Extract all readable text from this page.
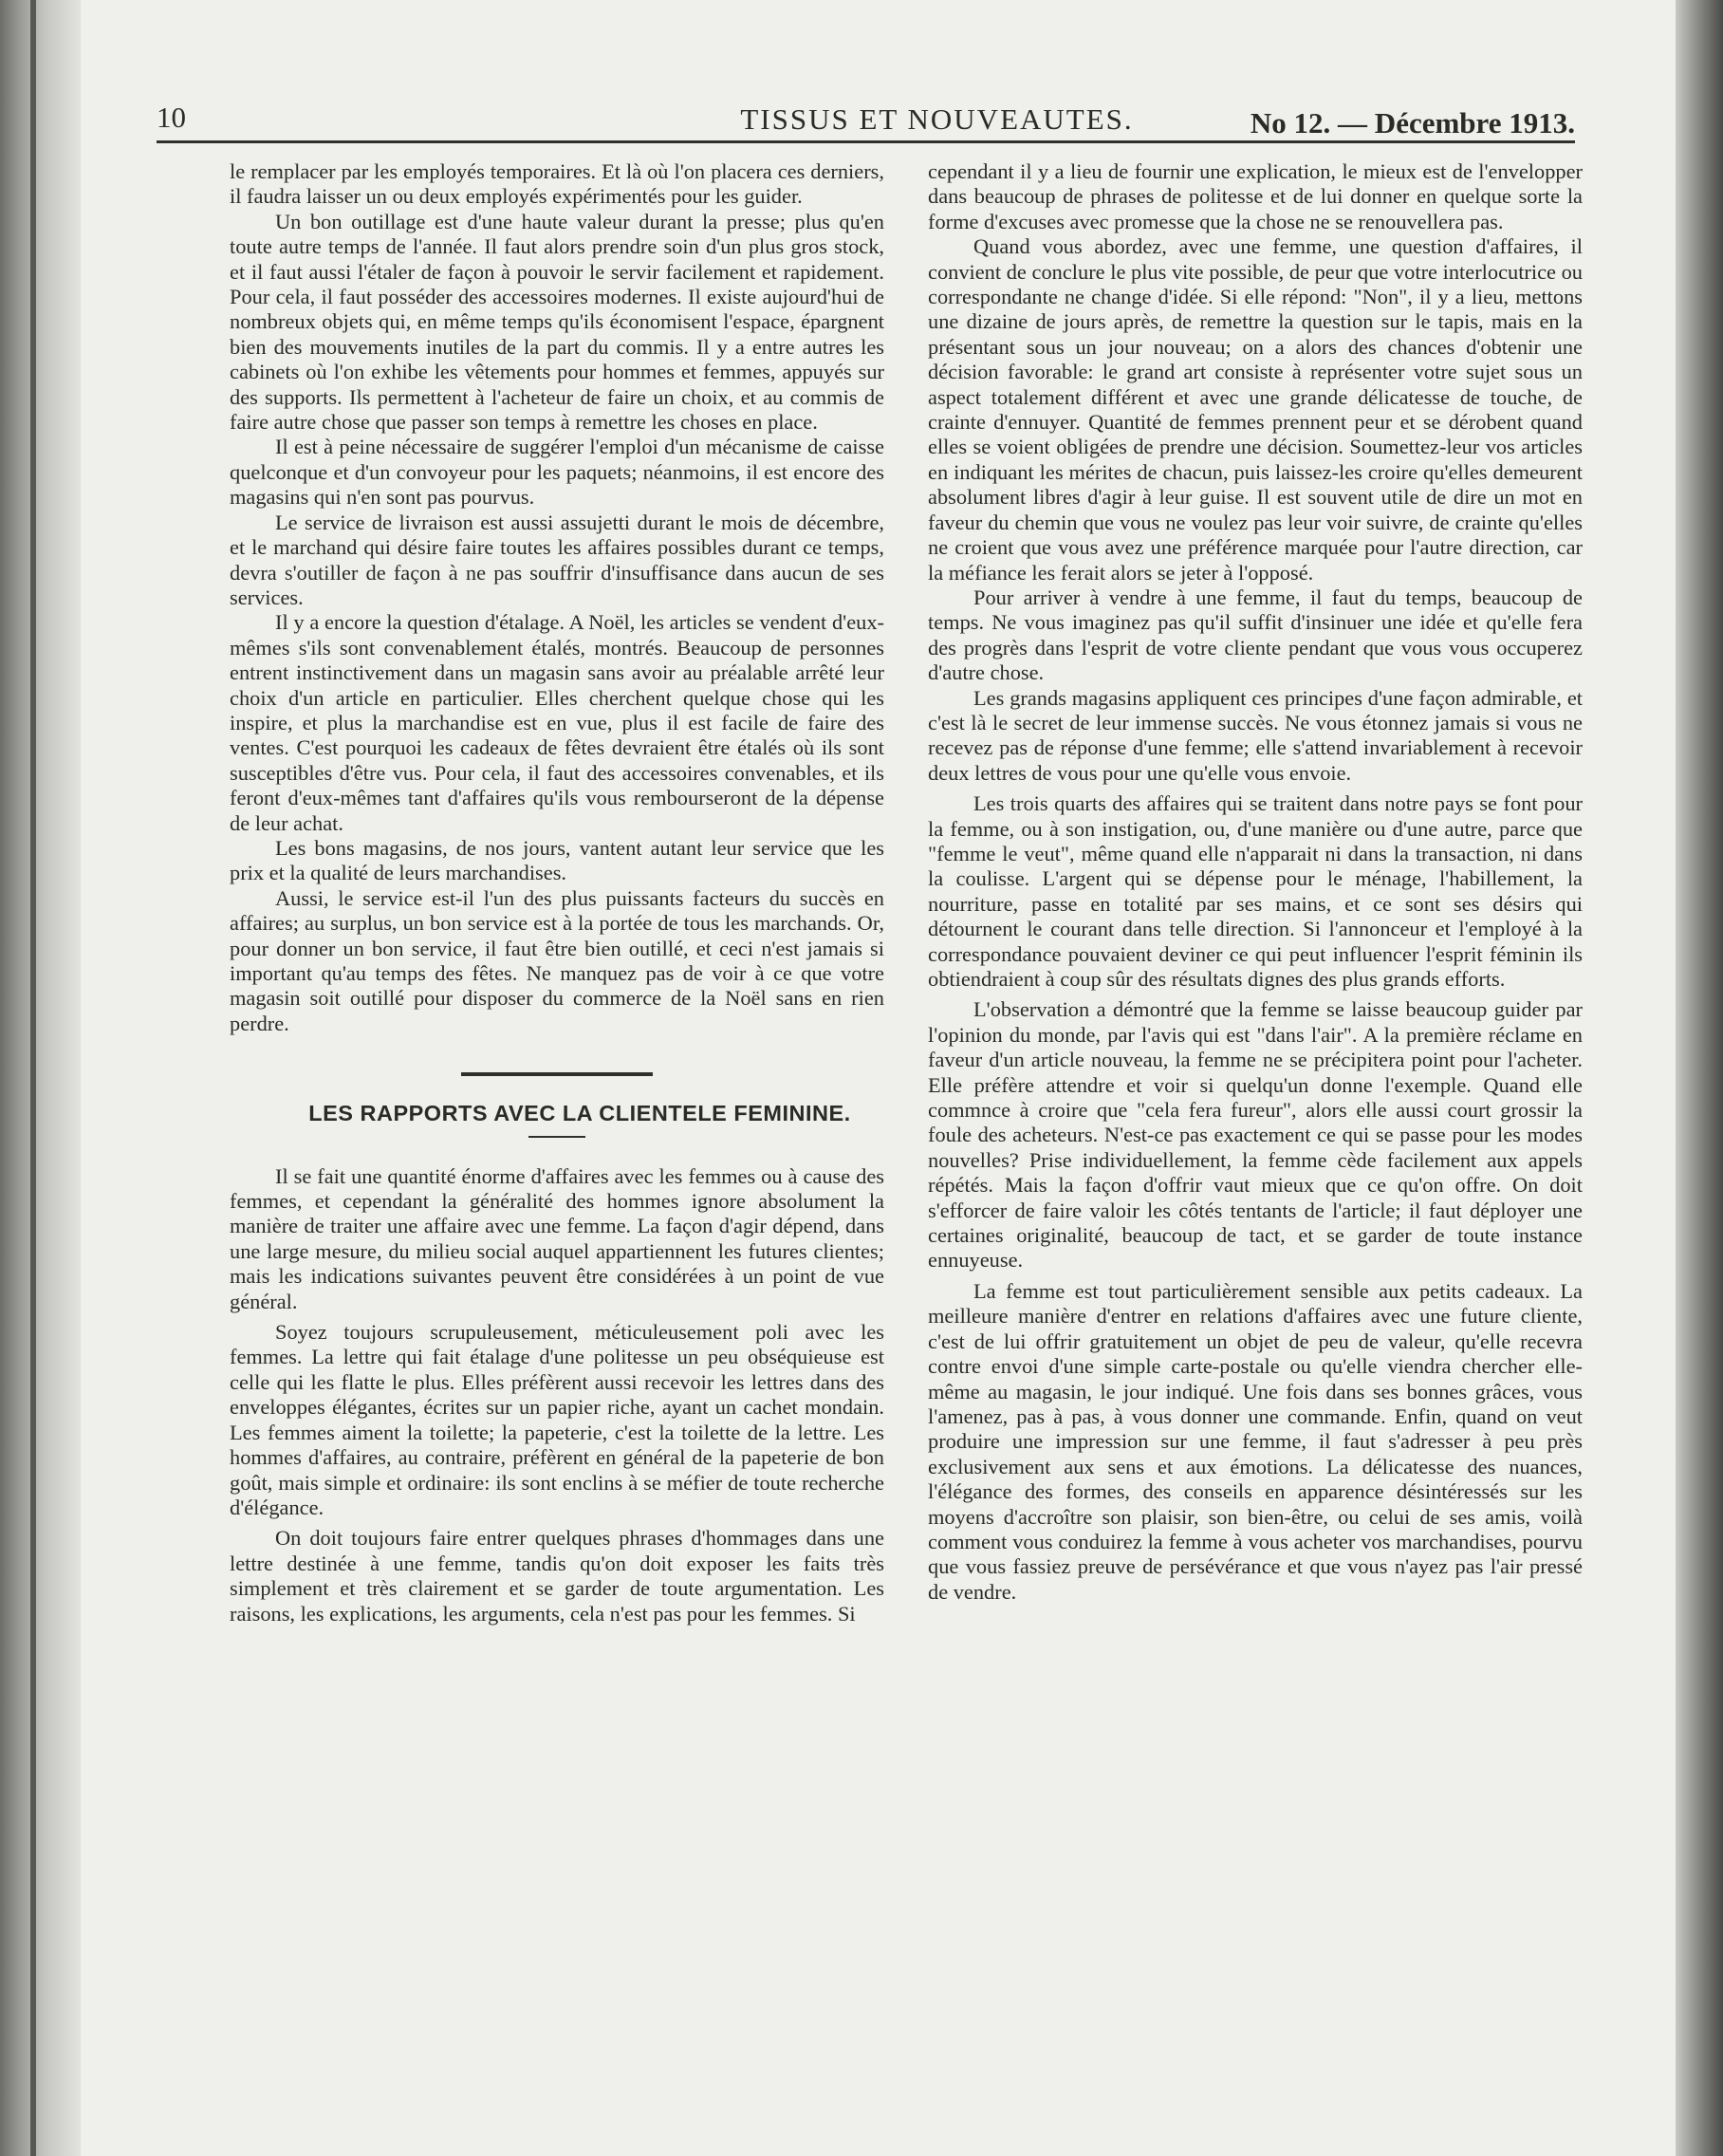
10	TISSUS ET NOUVEAUTES.	No 12. — Décembre 1913.

le remplacer par les employés temporaires. Et là où l'on placera ces derniers, il faudra laisser un ou deux employés expérimentés pour les guider.

Un bon outillage est d'une haute valeur durant la presse; plus qu'en toute autre temps de l'année. Il faut alors prendre soin d'un plus gros stock, et il faut aussi l'étaler de façon à pouvoir le servir facilement et rapidement. Pour cela, il faut posséder des accessoires modernes. Il existe aujourd'hui de nombreux objets qui, en même temps qu'ils économisent l'espace, épargnent bien des mouvements inutiles de la part du commis. Il y a entre autres les cabinets où l'on exhibe les vêtements pour hommes et femmes, appuyés sur des supports. Ils permettent à l'acheteur de faire un choix, et au commis de faire autre chose que passer son temps à remettre les choses en place.

Il est à peine nécessaire de suggérer l'emploi d'un mécanisme de caisse quelconque et d'un convoyeur pour les paquets; néanmoins, il est encore des magasins qui n'en sont pas pourvus.

Le service de livraison est aussi assujetti durant le mois de décembre, et le marchand qui désire faire toutes les affaires possibles durant ce temps, devra s'outiller de façon à ne pas souffrir d'insuffisance dans aucun de ses services.

Il y a encore la question d'étalage. A Noël, les articles se vendent d'eux-mêmes s'ils sont convenablement étalés, montrés. Beaucoup de personnes entrent instinctivement dans un magasin sans avoir au préalable arrêté leur choix d'un article en particulier. Elles cherchent quelque chose qui les inspire, et plus la marchandise est en vue, plus il est facile de faire des ventes. C'est pourquoi les cadeaux de fêtes devraient être étalés où ils sont susceptibles d'être vus. Pour cela, il faut des accessoires convenables, et ils feront d'eux-mêmes tant d'affaires qu'ils vous rembourseront de la dépense de leur achat.

Les bons magasins, de nos jours, vantent autant leur service que les prix et la qualité de leurs marchandises.

Aussi, le service est-il l'un des plus puissants facteurs du succès en affaires; au surplus, un bon service est à la portée de tous les marchands. Or, pour donner un bon service, il faut être bien outillé, et ceci n'est jamais si important qu'au temps des fêtes. Ne manquez pas de voir à ce que votre magasin soit outillé pour disposer du commerce de la Noël sans en rien perdre.

LES RAPPORTS AVEC LA CLIENTELE FEMININE.

Il se fait une quantité énorme d'affaires avec les femmes ou à cause des femmes, et cependant la généralité des hommes ignore absolument la manière de traiter une affaire avec une femme. La façon d'agir dépend, dans une large mesure, du milieu social auquel appartiennent les futures clientes; mais les indications suivantes peuvent être considérées à un point de vue général.

Soyez toujours scrupuleusement, méticuleusement poli avec les femmes. La lettre qui fait étalage d'une politesse un peu obséquieuse est celle qui les flatte le plus. Elles préfèrent aussi recevoir les lettres dans des enveloppes élégantes, écrites sur un papier riche, ayant un cachet mondain. Les femmes aiment la toilette; la papeterie, c'est la toilette de la lettre. Les hommes d'affaires, au contraire, préfèrent en général de la papeterie de bon goût, mais simple et ordinaire: ils sont enclins à se méfier de toute recherche d'élégance.

On doit toujours faire entrer quelques phrases d'hommages dans une lettre destinée à une femme, tandis qu'on doit exposer les faits très simplement et très clairement et se garder de toute argumentation. Les raisons, les explications, les arguments, cela n'est pas pour les femmes. Si

cependant il y a lieu de fournir une explication, le mieux est de l'envelopper dans beaucoup de phrases de politesse et de lui donner en quelque sorte la forme d'excuses avec promesse que la chose ne se renouvellera pas.

Quand vous abordez, avec une femme, une question d'affaires, il convient de conclure le plus vite possible, de peur que votre interlocutrice ou correspondante ne change d'idée. Si elle répond: "Non", il y a lieu, mettons une dizaine de jours après, de remettre la question sur le tapis, mais en la présentant sous un jour nouveau; on a alors des chances d'obtenir une décision favorable: le grand art consiste à représenter votre sujet sous un aspect totalement différent et avec une grande délicatesse de touche, de crainte d'ennuyer. Quantité de femmes prennent peur et se dérobent quand elles se voient obligées de prendre une décision. Soumettez-leur vos articles en indiquant les mérites de chacun, puis laissez-les croire qu'elles demeurent absolument libres d'agir à leur guise. Il est souvent utile de dire un mot en faveur du chemin que vous ne voulez pas leur voir suivre, de crainte qu'elles ne croient que vous avez une préférence marquée pour l'autre direction, car la méfiance les ferait alors se jeter à l'opposé.

Pour arriver à vendre à une femme, il faut du temps, beaucoup de temps. Ne vous imaginez pas qu'il suffit d'insinuer une idée et qu'elle fera des progrès dans l'esprit de votre cliente pendant que vous vous occuperez d'autre chose.

Les grands magasins appliquent ces principes d'une façon admirable, et c'est là le secret de leur immense succès. Ne vous étonnez jamais si vous ne recevez pas de réponse d'une femme; elle s'attend invariablement à recevoir deux lettres de vous pour une qu'elle vous envoie.

Les trois quarts des affaires qui se traitent dans notre pays se font pour la femme, ou à son instigation, ou, d'une manière ou d'une autre, parce que "femme le veut", même quand elle n'apparait ni dans la transaction, ni dans la coulisse. L'argent qui se dépense pour le ménage, l'habillement, la nourriture, passe en totalité par ses mains, et ce sont ses désirs qui détournent le courant dans telle direction. Si l'annonceur et l'employé à la correspondance pouvaient deviner ce qui peut influencer l'esprit féminin ils obtiendraient à coup sûr des résultats dignes des plus grands efforts.

L'observation a démontré que la femme se laisse beaucoup guider par l'opinion du monde, par l'avis qui est "dans l'air". A la première réclame en faveur d'un article nouveau, la femme ne se précipitera point pour l'acheter. Elle préfère attendre et voir si quelqu'un donne l'exemple. Quand elle commnce à croire que "cela fera fureur", alors elle aussi court grossir la foule des acheteurs. N'est-ce pas exactement ce qui se passe pour les modes nouvelles? Prise individuellement, la femme cède facilement aux appels répétés. Mais la façon d'offrir vaut mieux que ce qu'on offre. On doit s'efforcer de faire valoir les côtés tentants de l'article; il faut déployer une certaines originalité, beaucoup de tact, et se garder de toute instance ennuyeuse.

La femme est tout particulièrement sensible aux petits cadeaux. La meilleure manière d'entrer en relations d'affaires avec une future cliente, c'est de lui offrir gratuitement un objet de peu de valeur, qu'elle recevra contre envoi d'une simple carte-postale ou qu'elle viendra chercher elle-même au magasin, le jour indiqué. Une fois dans ses bonnes grâces, vous l'amenez, pas à pas, à vous donner une commande. Enfin, quand on veut produire une impression sur une femme, il faut s'adresser à peu près exclusivement aux sens et aux émotions. La délicatesse des nuances, l'élégance des formes, des conseils en apparence désintéressés sur les moyens d'accroître son plaisir, son bien-être, ou celui de ses amis, voilà comment vous conduirez la femme à vous acheter vos marchandises, pourvu que vous fassiez preuve de persévérance et que vous n'ayez pas l'air pressé de vendre.
